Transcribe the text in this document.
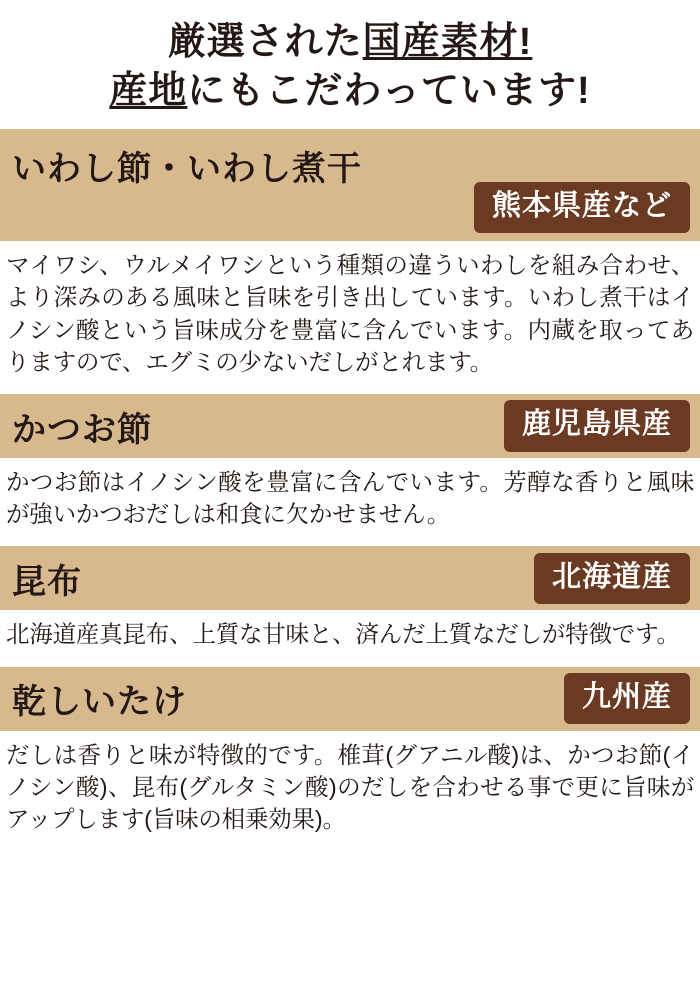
厳選された国産素材!
産地にもこだわっています!
いわし節・いわし煮干
熊本県産など

マイワシ、ウルメイワシという種類の違ういわしを組み合わせ、より深みのある風味と旨味を引き出しています。いわし煮干はイノシン酸という旨味成分を豊富に含んでいます。内蔵を取ってありますので、エグミの少ないだしがとれます。

かつお節	鹿児島県産

かつお節はイノシン酸を豊富に含んでいます。芳醇な香りと風味が強いかつおだしは和食に欠かせません。

昆布	北海道産

北海道産真昆布、上質な甘味と、済んだ上質なだしが特徴です。

乾しいたけ	九州産

だしは香りと味が特徴的です。椎茸(グアニル酸)は、かつお節(イノシン酸)、昆布(グルタミン酸)のだしを合わせる事で更に旨味がアップします(旨味の相乗効果)。
